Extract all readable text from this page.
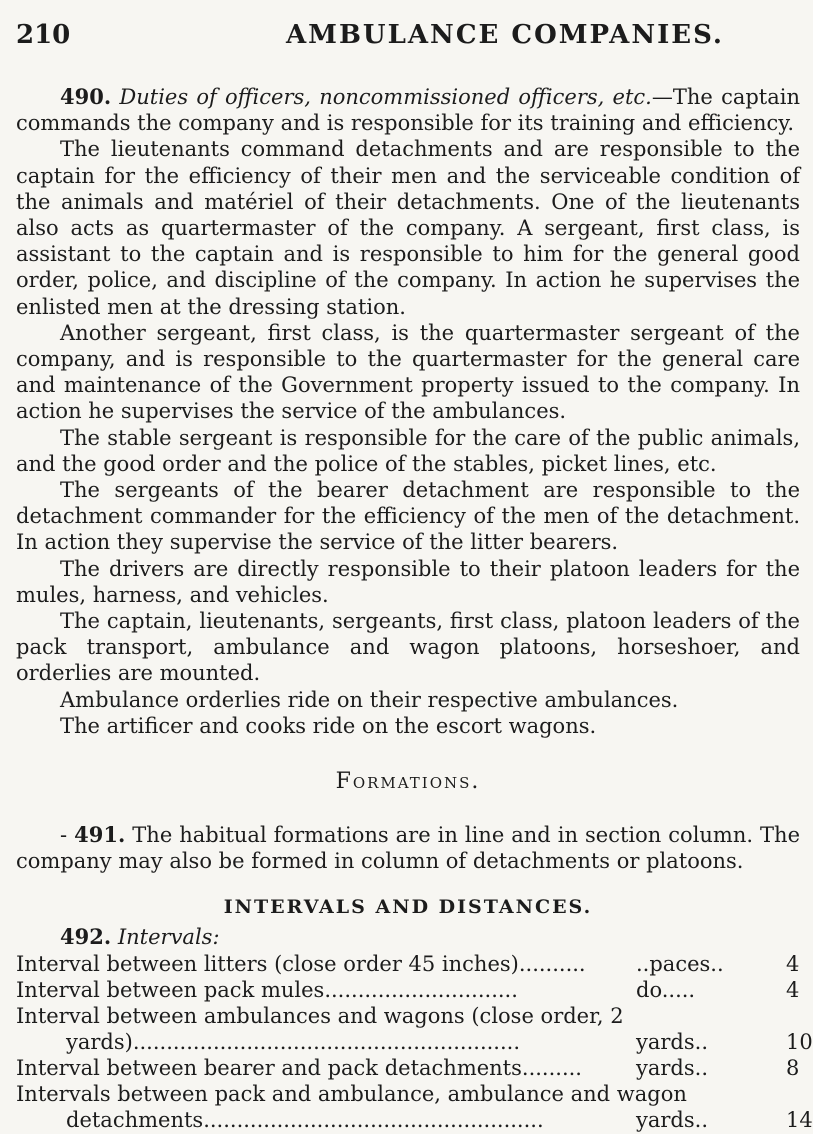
210	AMBULANCE COMPANIES.

490. Duties of officers, noncommissioned officers, etc.—The captain commands the company and is responsible for its training and efficiency.

The lieutenants command detachments and are responsible to the captain for the efficiency of their men and the serviceable condition of the animals and matériel of their detachments. One of the lieutenants also acts as quartermaster of the company. A sergeant, first class, is assistant to the captain and is responsible to him for the general good order, police, and discipline of the company. In action he supervises the enlisted men at the dressing station.

Another sergeant, first class, is the quartermaster sergeant of the company, and is responsible to the quartermaster for the general care and maintenance of the Government property issued to the company. In action he supervises the service of the ambulances.

The stable sergeant is responsible for the care of the public animals, and the good order and the police of the stables, picket lines, etc.

The sergeants of the bearer detachment are responsible to the detachment commander for the efficiency of the men of the detachment. In action they supervise the service of the litter bearers.

The drivers are directly responsible to their platoon leaders for the mules, harness, and vehicles.

The captain, lieutenants, sergeants, first class, platoon leaders of the pack transport, ambulance and wagon platoons, horseshoer, and orderlies are mounted.

Ambulance orderlies ride on their respective ambulances.

The artificer and cooks ride on the escort wagons.

Formations.

- 491. The habitual formations are in line and in section column. The company may also be formed in column of detachments or platoons.

INTERVALS AND DISTANCES.

492. Intervals:

Interval between litters (close order 45 inches).......... ..paces..	4
Interval between pack mules.............................	do.....	4
Interval between ambulances and wagons (close order, 2
yards)..........................................................	yards..	10
Interval between bearer and pack detachments.........	yards..	8
Intervals between pack and ambulance, ambulance and wagon
detachments...................................................	yards..	14
